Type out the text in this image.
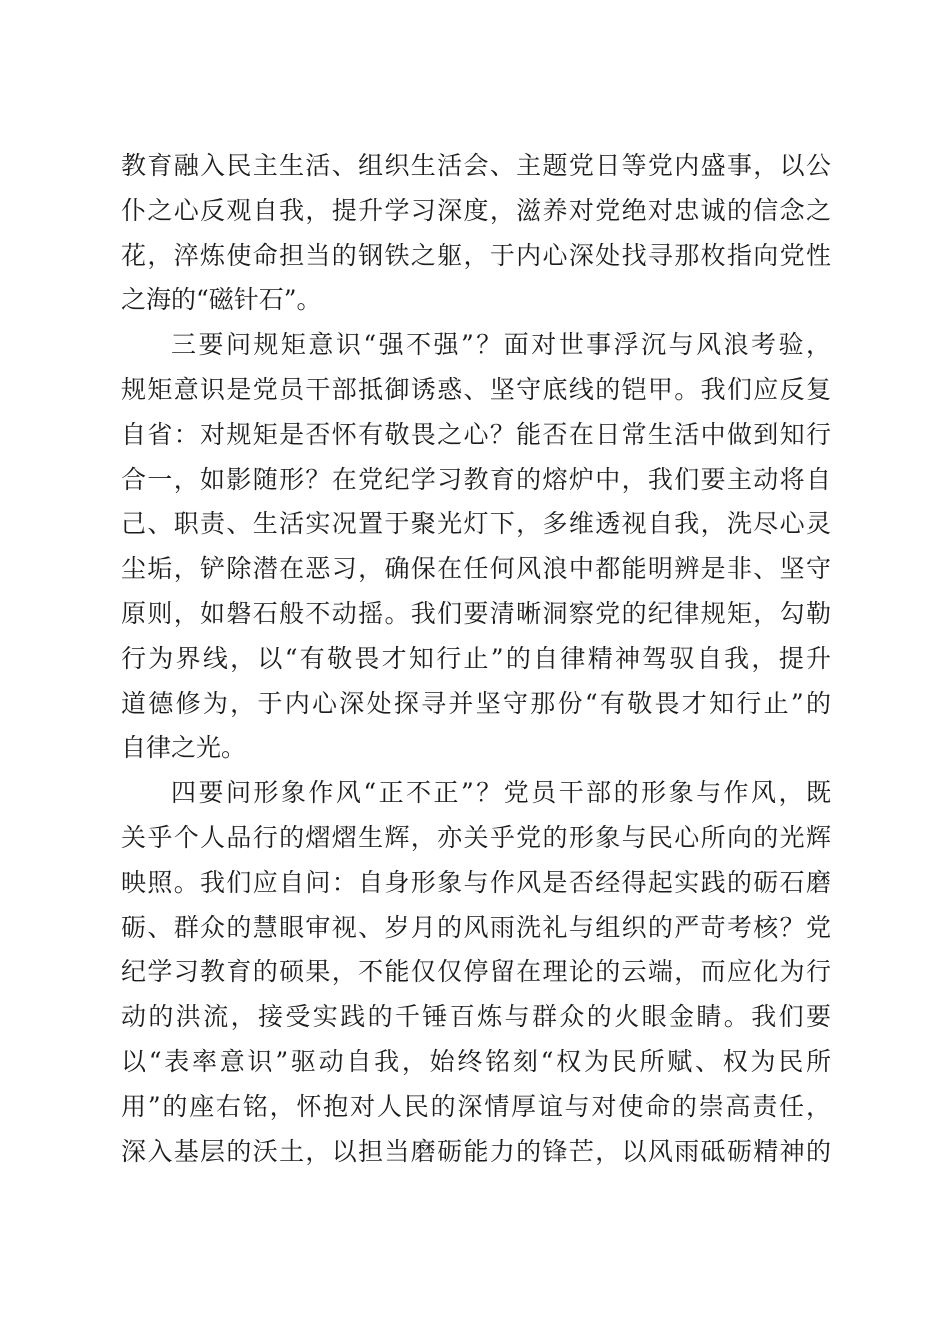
教育融入民主生活、组织生活会、主题党日等党内盛事，以公
仆之心反观自我，提升学习深度，滋养对党绝对忠诚的信念之
花，淬炼使命担当的钢铁之躯，于内心深处找寻那枚指向党性
之海的“磁针石”。
三要问规矩意识“强不强”？面对世事浮沉与风浪考验，
规矩意识是党员干部抵御诱惑、坚守底线的铠甲。我们应反复
自省：对规矩是否怀有敬畏之心？能否在日常生活中做到知行
合一，如影随形？在党纪学习教育的熔炉中，我们要主动将自
己、职责、生活实况置于聚光灯下，多维透视自我，洗尽心灵
尘垢，铲除潜在恶习，确保在任何风浪中都能明辨是非、坚守
原则，如磐石般不动摇。我们要清晰洞察党的纪律规矩，勾勒
行为界线，以“有敬畏才知行止”的自律精神驾驭自我，提升
道德修为，于内心深处探寻并坚守那份“有敬畏才知行止”的
自律之光。
四要问形象作风“正不正”？党员干部的形象与作风，既
关乎个人品行的熠熠生辉，亦关乎党的形象与民心所向的光辉
映照。我们应自问：自身形象与作风是否经得起实践的砺石磨
砺、群众的慧眼审视、岁月的风雨洗礼与组织的严苛考核？党
纪学习教育的硕果，不能仅仅停留在理论的云端，而应化为行
动的洪流，接受实践的千锤百炼与群众的火眼金睛。我们要
以“表率意识”驱动自我，始终铭刻“权为民所赋、权为民所
用”的座右铭，怀抱对人民的深情厚谊与对使命的崇高责任，
深入基层的沃土，以担当磨砺能力的锋芒，以风雨砥砺精神的
